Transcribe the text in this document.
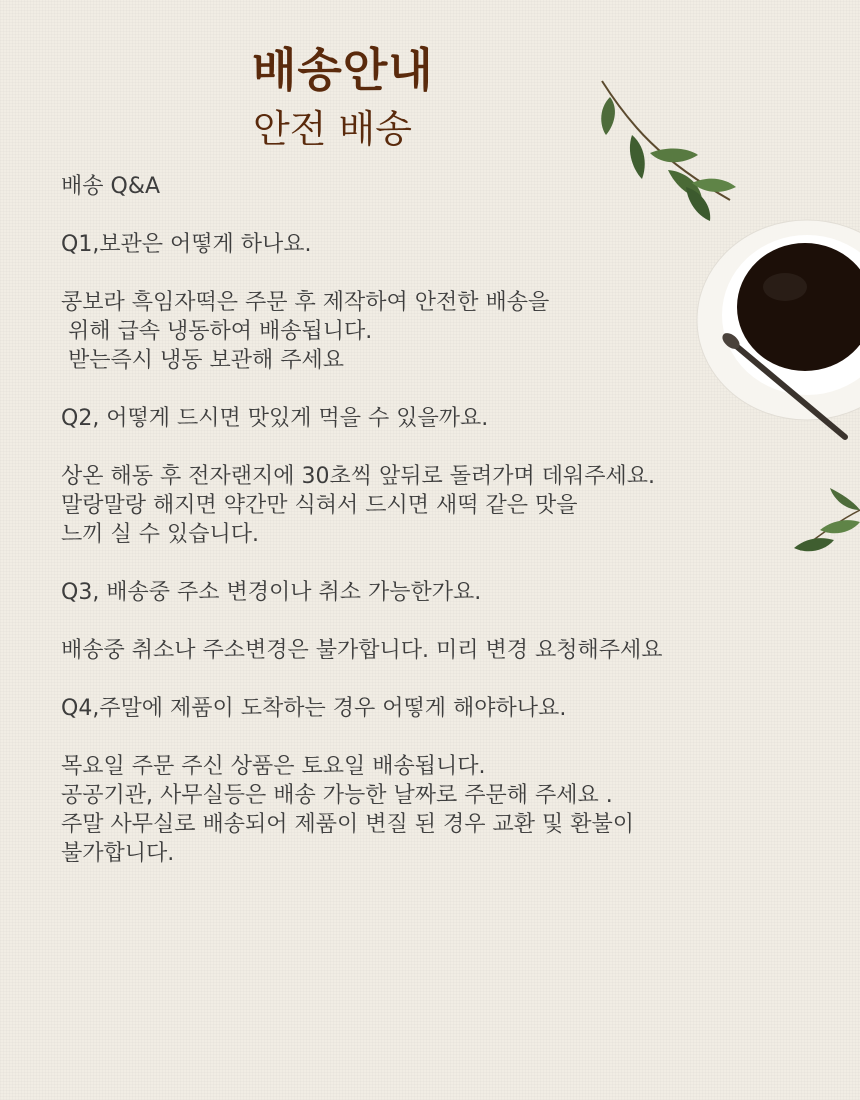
배송안내
안전 배송
배송 Q&A
Q1,보관은 어떻게 하나요.
콩보라 흑임자떡은 주문 후 제작하여 안전한 배송을
위해 급속 냉동하여 배송됩니다.
받는즉시 냉동 보관해 주세요
Q2, 어떻게 드시면 맛있게 먹을 수 있을까요.
상온 해동 후 전자랜지에 30초씩 앞뒤로 돌려가며 데워주세요.
말랑말랑 해지면 약간만 식혀서 드시면 새떡 같은 맛을
느끼 실 수 있습니다.
Q3, 배송중 주소 변경이나 취소 가능한가요.
배송중 취소나 주소변경은 불가합니다. 미리 변경 요청해주세요
Q4,주말에 제품이 도착하는 경우 어떻게 해야하나요.
목요일 주문 주신 상품은 토요일 배송됩니다.
공공기관, 사무실등은 배송 가능한 날짜로 주문해 주세요 .
주말 사무실로 배송되어 제품이 변질 된 경우 교환 및 환불이
불가합니다.
